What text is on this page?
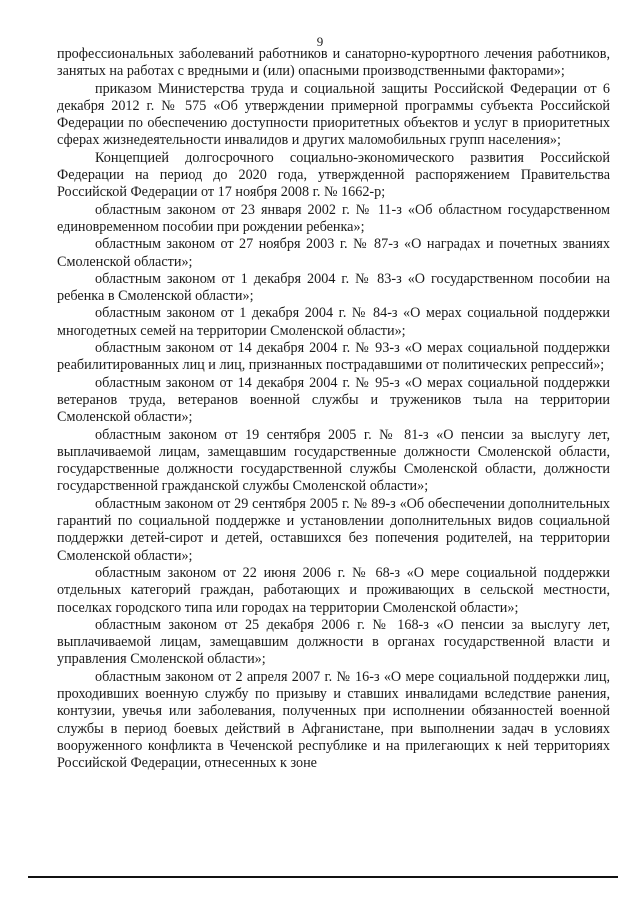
9

профессиональных заболеваний работников и санаторно-курортного лечения работников, занятых на работах с вредными и (или) опасными производственными факторами»;

приказом Министерства труда и социальной защиты Российской Федерации от 6 декабря 2012 г. № 575 «Об утверждении примерной программы субъекта Российской Федерации по обеспечению доступности приоритетных объектов и услуг в приоритетных сферах жизнедеятельности инвалидов и других маломобильных групп населения»;

Концепцией долгосрочного социально-экономического развития Российской Федерации на период до 2020 года, утвержденной распоряжением Правительства Российской Федерации от 17 ноября 2008 г. № 1662-р;

областным законом от 23 января 2002 г. № 11-з «Об областном государственном единовременном пособии при рождении ребенка»;

областным законом от 27 ноября 2003 г. № 87-з «О наградах и почетных званиях Смоленской области»;

областным законом от 1 декабря 2004 г. № 83-з «О государственном пособии на ребенка в Смоленской области»;

областным законом от 1 декабря 2004 г. № 84-з «О мерах социальной поддержки многодетных семей на территории Смоленской области»;

областным законом от 14 декабря 2004 г. № 93-з «О мерах социальной поддержки реабилитированных лиц и лиц, признанных пострадавшими от политических репрессий»;

областным законом от 14 декабря 2004 г. № 95-з «О мерах социальной поддержки ветеранов труда, ветеранов военной службы и тружеников тыла на территории Смоленской области»;

областным законом от 19 сентября 2005 г. № 81-з «О пенсии за выслугу лет, выплачиваемой лицам, замещавшим государственные должности Смоленской области, государственные должности государственной службы Смоленской области, должности государственной гражданской службы Смоленской области»;

областным законом от 29 сентября 2005 г. № 89-з «Об обеспечении дополнительных гарантий по социальной поддержке и установлении дополнительных видов социальной поддержки детей-сирот и детей, оставшихся без попечения родителей, на территории Смоленской области»;

областным законом от 22 июня 2006 г. № 68-з «О мере социальной поддержки отдельных категорий граждан, работающих и проживающих в сельской местности, поселках городского типа или городах на территории Смоленской области»;

областным законом от 25 декабря 2006 г. № 168-з «О пенсии за выслугу лет, выплачиваемой лицам, замещавшим должности в органах государственной власти и управления Смоленской области»;

областным законом от 2 апреля 2007 г. № 16-з «О мере социальной поддержки лиц, проходивших военную службу по призыву и ставших инвалидами вследствие ранения, контузии, увечья или заболевания, полученных при исполнении обязанностей военной службы в период боевых действий в Афганистане, при выполнении задач в условиях вооруженного конфликта в Чеченской республике и на прилегающих к ней территориях Российской Федерации, отнесенных к зоне
